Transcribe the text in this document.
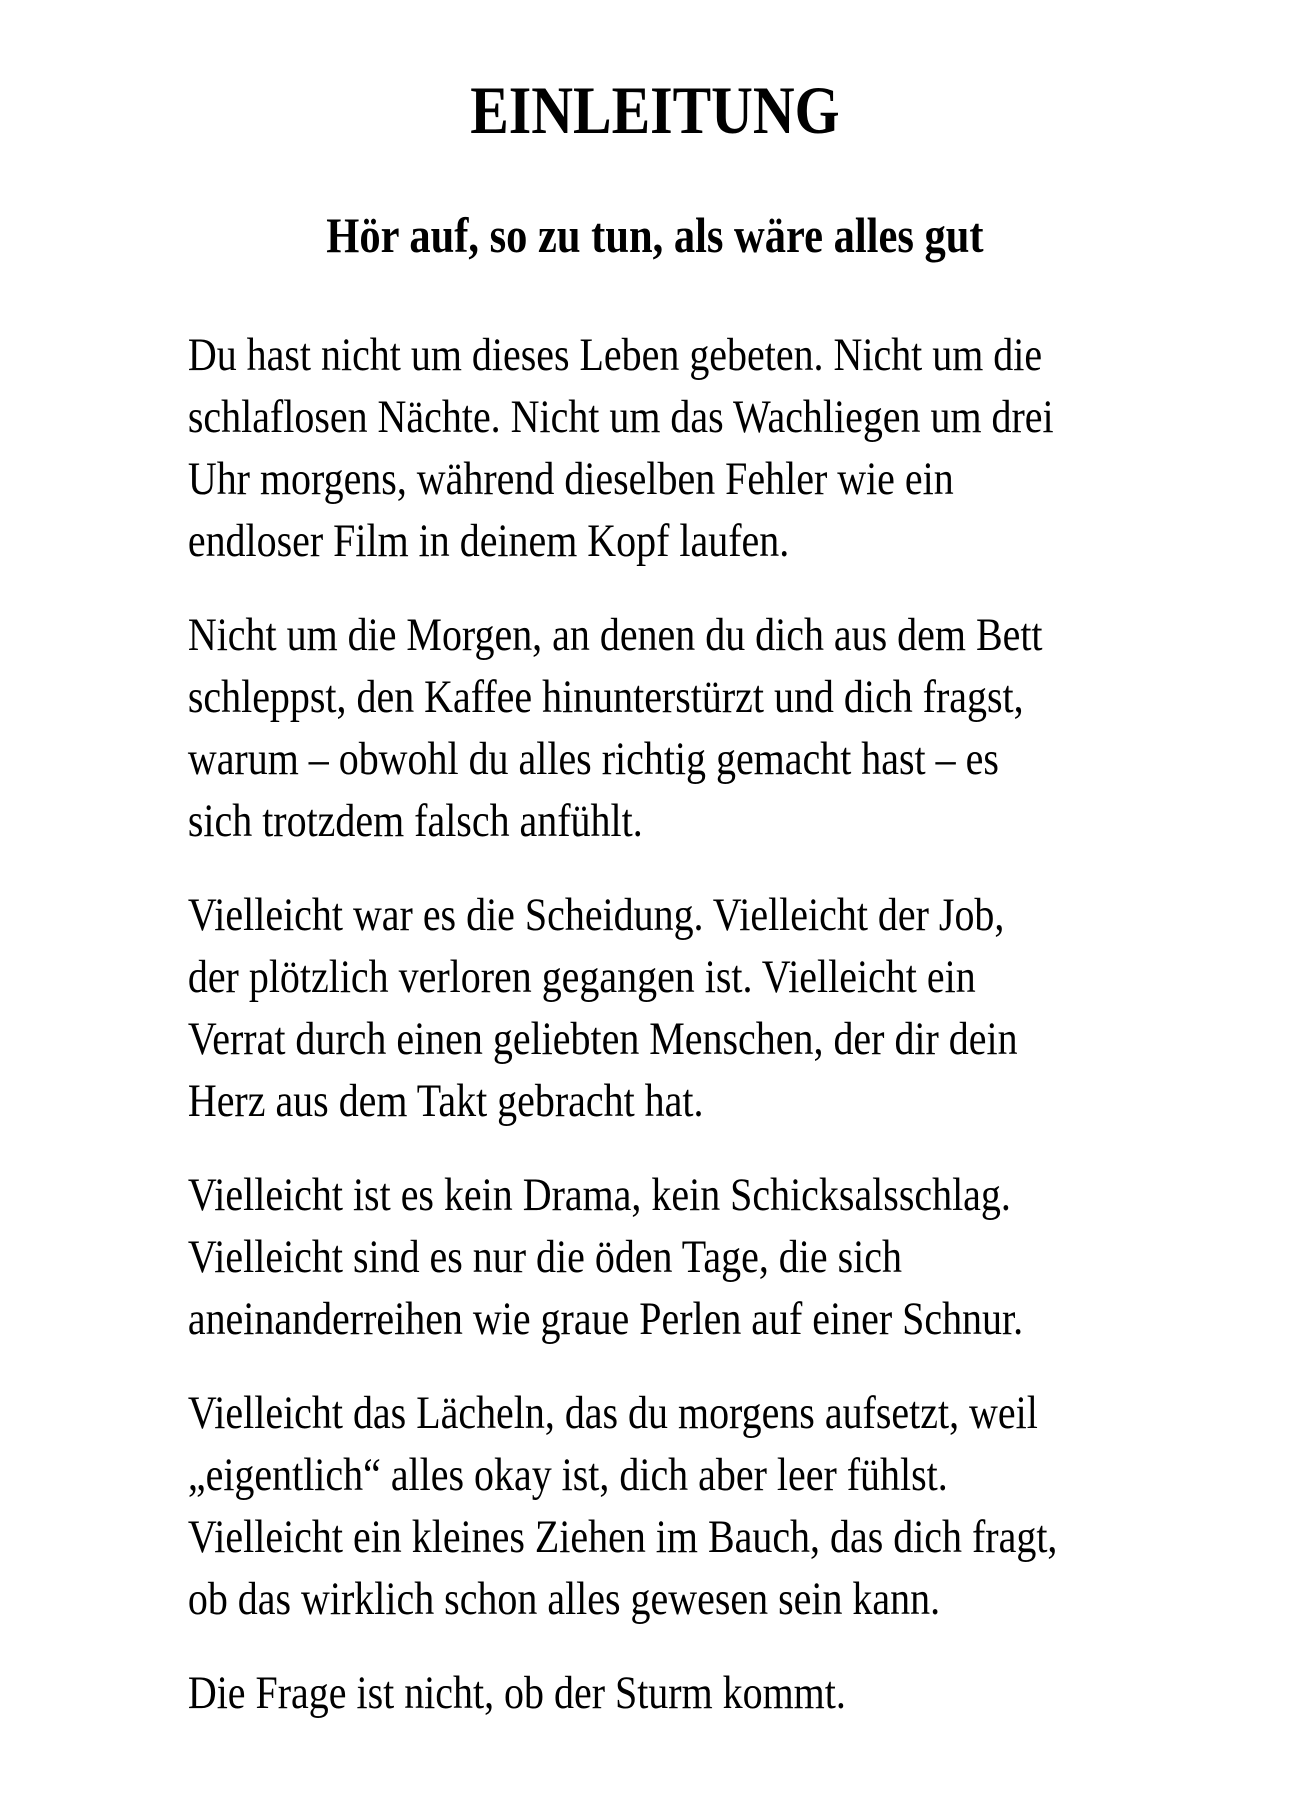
EINLEITUNG
Hör auf, so zu tun, als wäre alles gut

Du hast nicht um dieses Leben gebeten. Nicht um die
schlaflosen Nächte. Nicht um das Wachliegen um drei
Uhr morgens, während dieselben Fehler wie ein
endloser Film in deinem Kopf laufen.

Nicht um die Morgen, an denen du dich aus dem Bett
schleppst, den Kaffee hinunterstürzt und dich fragst,
warum – obwohl du alles richtig gemacht hast – es
sich trotzdem falsch anfühlt.

Vielleicht war es die Scheidung. Vielleicht der Job,
der plötzlich verloren gegangen ist. Vielleicht ein
Verrat durch einen geliebten Menschen, der dir dein
Herz aus dem Takt gebracht hat.

Vielleicht ist es kein Drama, kein Schicksalsschlag.
Vielleicht sind es nur die öden Tage, die sich
aneinanderreihen wie graue Perlen auf einer Schnur.

Vielleicht das Lächeln, das du morgens aufsetzt, weil
„eigentlich“ alles okay ist, dich aber leer fühlst.
Vielleicht ein kleines Ziehen im Bauch, das dich fragt,
ob das wirklich schon alles gewesen sein kann.

Die Frage ist nicht, ob der Sturm kommt.
